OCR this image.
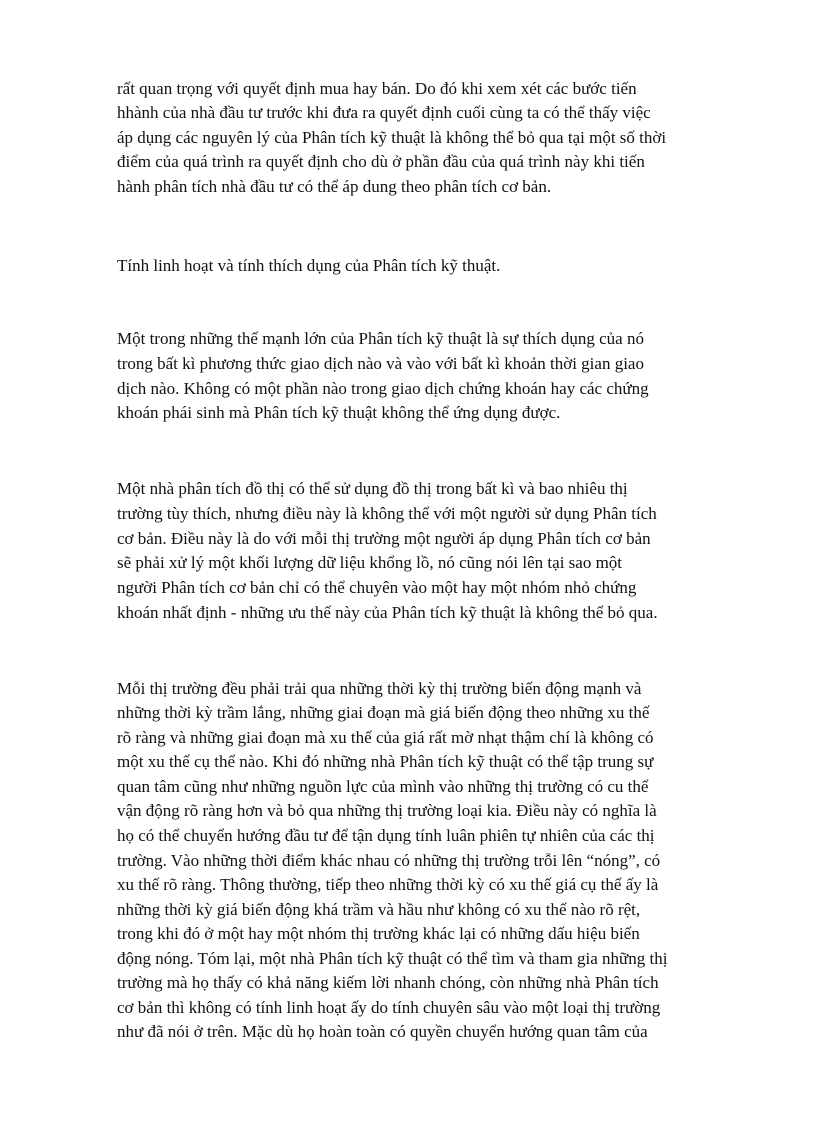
rất quan trọng với quyết định mua hay bán. Do đó khi xem xét các bước tiến
hhành của nhà đầu tư trước khi đưa ra quyết định cuối cùng ta có thể thấy việc
áp dụng các nguyên lý của Phân tích kỹ thuật là không thể bỏ qua tại một số thời
điểm của quá trình ra quyết định cho dù ở phần đầu của quá trình này khi tiến
hành phân tích nhà đầu tư có thể áp dung theo phân tích cơ bản.
Tính linh hoạt và tính thích dụng của Phân tích kỹ thuật.
Một trong những thế mạnh lớn của Phân tích kỹ thuật là sự thích dụng của nó
trong bất kì phương thức giao dịch nào và vào với bất kì khoản thời gian giao
dịch nào. Không có một phần nào trong giao dịch chứng khoán hay các chứng
khoán phái sinh mà Phân tích kỹ thuật không thể ứng dụng được.
Một nhà phân tích đồ thị có thể sử dụng đồ thị trong bất kì và bao nhiêu thị
trường tùy thích, nhưng điều này là không thể với một người sử dụng Phân tích
cơ bản. Điều này là do với mỗi thị trường một người áp dụng Phân tích cơ bản
sẽ phải xử lý một khối lượng dữ liệu khổng lồ, nó cũng nói lên tại sao một
người Phân tích cơ bản chỉ có thể chuyên vào một hay một nhóm nhỏ chứng
khoán nhất định - những ưu thế này của Phân tích kỹ thuật là không thể bỏ qua.
Mỗi thị trường đều phải trải qua những thời kỳ thị trường biến động mạnh và
những thời kỳ trầm lắng, những giai đoạn mà giá biến động theo những xu thế
rõ ràng và những giai đoạn mà xu thế của giá rất mờ nhạt thậm chí là không có
một xu thế cụ thể nào. Khi đó những nhà Phân tích kỹ thuật có thể tập trung sự
quan tâm cũng như những nguồn lực của mình vào những thị trường có cu thể
vận động rõ ràng hơn và bỏ qua những thị trường loại kia. Điều này có nghĩa là
họ có thể chuyển hướng đầu tư để tận dụng tính luân phiên tự nhiên của các thị
trường. Vào những thời điểm khác nhau có những thị trường trỗi lên “nóng”, có
xu thế rõ ràng. Thông thường, tiếp theo những thời kỳ có xu thế giá cụ thể ấy là
những thời kỳ giá biến động khá trầm và hầu như không có xu thế nào rõ rệt,
trong khi đó ở một hay một nhóm thị trường khác lại có những dấu hiệu biến
động nóng. Tóm lại, một nhà Phân tích kỹ thuật có thể tìm và tham gia những thị
trường mà họ thấy có khả năng kiếm lời nhanh chóng, còn những nhà Phân tích
cơ bản thì không có tính linh hoạt ấy do tính chuyên sâu vào một loại thị trường
như đã nói ở trên. Mặc dù họ hoàn toàn có quyền chuyển hướng quan tâm của
